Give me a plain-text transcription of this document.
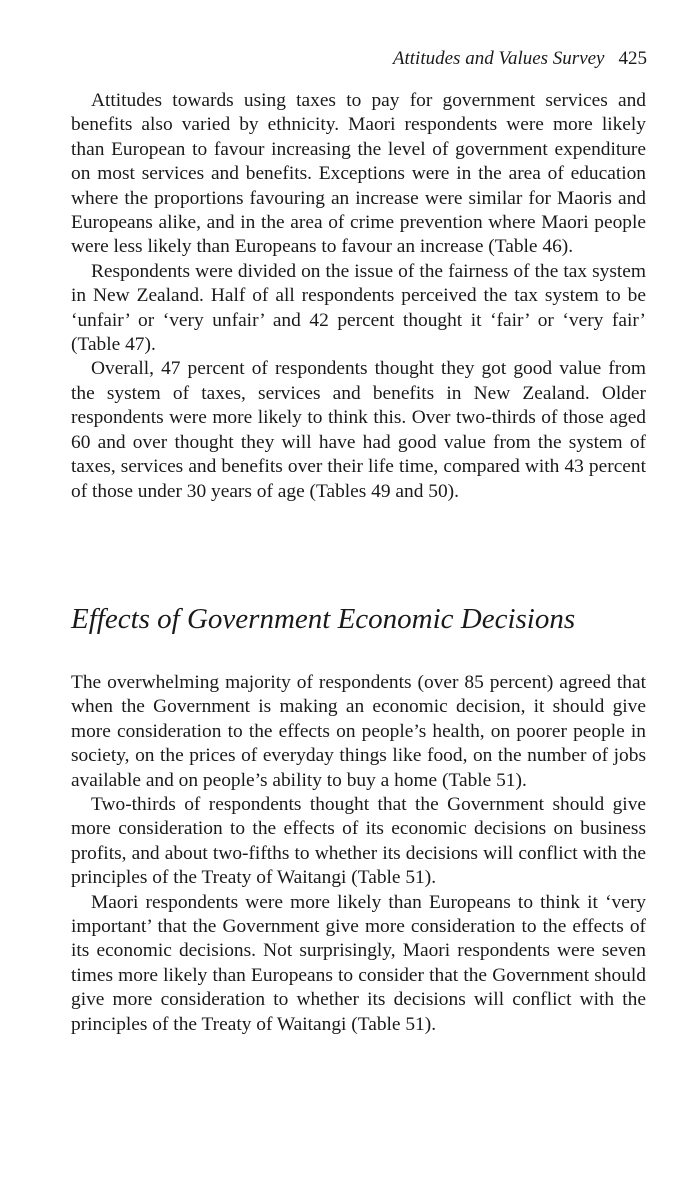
Attitudes and Values Survey 425

Attitudes towards using taxes to pay for government services and benefits also varied by ethnicity. Maori respondents were more likely than European to favour increasing the level of government expenditure on most services and benefits. Exceptions were in the area of education where the proportions favouring an increase were similar for Maoris and Europeans alike, and in the area of crime prevention where Maori people were less likely than Europeans to favour an increase (Table 46).

Respondents were divided on the issue of the fairness of the tax system in New Zealand. Half of all respondents perceived the tax system to be ‘unfair’ or ‘very unfair’ and 42 percent thought it ‘fair’ or ‘very fair’ (Table 47).

Overall, 47 percent of respondents thought they got good value from the system of taxes, services and benefits in New Zealand. Older respondents were more likely to think this. Over two-thirds of those aged 60 and over thought they will have had good value from the system of taxes, services and benefits over their life time, compared with 43 percent of those under 30 years of age (Tables 49 and 50).

Effects of Government Economic Decisions

The overwhelming majority of respondents (over 85 percent) agreed that when the Government is making an economic decision, it should give more consideration to the effects on people’s health, on poorer people in society, on the prices of everyday things like food, on the number of jobs available and on people’s ability to buy a home (Table 51).

Two-thirds of respondents thought that the Government should give more consideration to the effects of its economic decisions on business profits, and about two-fifths to whether its decisions will conflict with the principles of the Treaty of Waitangi (Table 51).

Maori respondents were more likely than Europeans to think it ‘very important’ that the Government give more consideration to the effects of its economic decisions. Not surprisingly, Maori respondents were seven times more likely than Europeans to consider that the Government should give more consideration to whether its decisions will conflict with the principles of the Treaty of Waitangi (Table 51).
